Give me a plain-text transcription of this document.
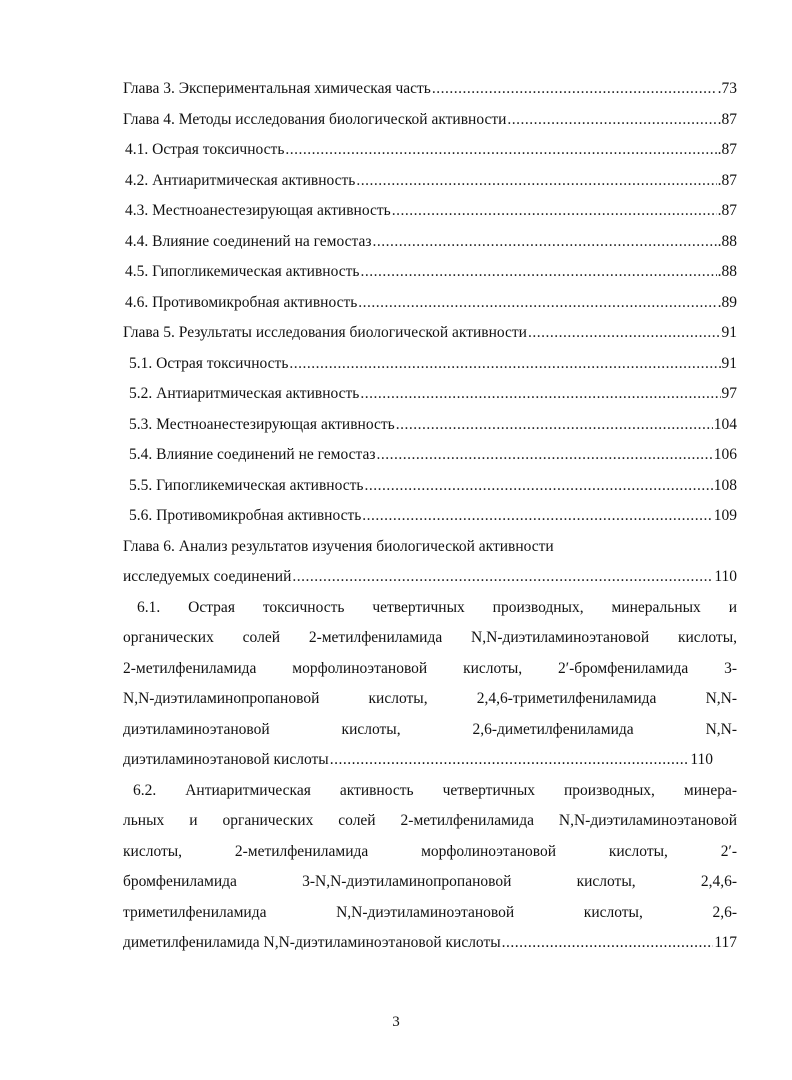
Глава 3. Экспериментальная химическая часть .....	.73
Глава 4. Методы исследования биологической активности .....	.87
4.1. Острая токсичность .....	.87
4.2. Антиаритмическая активность .....	.87
4.3. Местноанестезирующая активность .....	.87
4.4. Влияние соединений на гемостаз .....	.88
4.5. Гипогликемическая активность .....	.88
4.6. Противомикробная активность .....	.89
Глава 5. Результаты исследования биологической активности .....	91
5.1. Острая токсичность .....	91
5.2. Антиаритмическая активность .....	97
5.3. Местноанестезирующая активность .....	104
5.4. Влияние соединений не гемостаз .....	106
5.5. Гипогликемическая активность .....	108
5.6. Противомикробная активность .....	109
Глава 6. Анализ результатов изучения биологической активности
исследуемых соединений .....	110
6.1. Острая токсичность четвертичных производных, минеральных и
органических солей 2-метилфениламида N,N-диэтиламиноэтановой кислоты,
2-метилфениламида морфолиноэтановой кислоты, 2′-бромфениламида 3-
N,N-диэтиламинопропановой кислоты, 2,4,6-триметилфениламида N,N-
диэтиламиноэтановой кислоты, 2,6-диметилфениламида N,N-
диэтиламиноэтановой кислоты .....	110
6.2. Антиаритмическая активность четвертичных производных, минера-
льных и органических солей 2-метилфениламида N,N-диэтиламиноэтановой
кислоты, 2-метилфениламида морфолиноэтановой кислоты, 2′-
бромфениламида 3-N,N-диэтиламинопропановой кислоты, 2,4,6-
триметилфениламида N,N-диэтиламиноэтановой кислоты, 2,6-
диметилфениламида N,N-диэтиламиноэтановой кислоты .....	117
3
